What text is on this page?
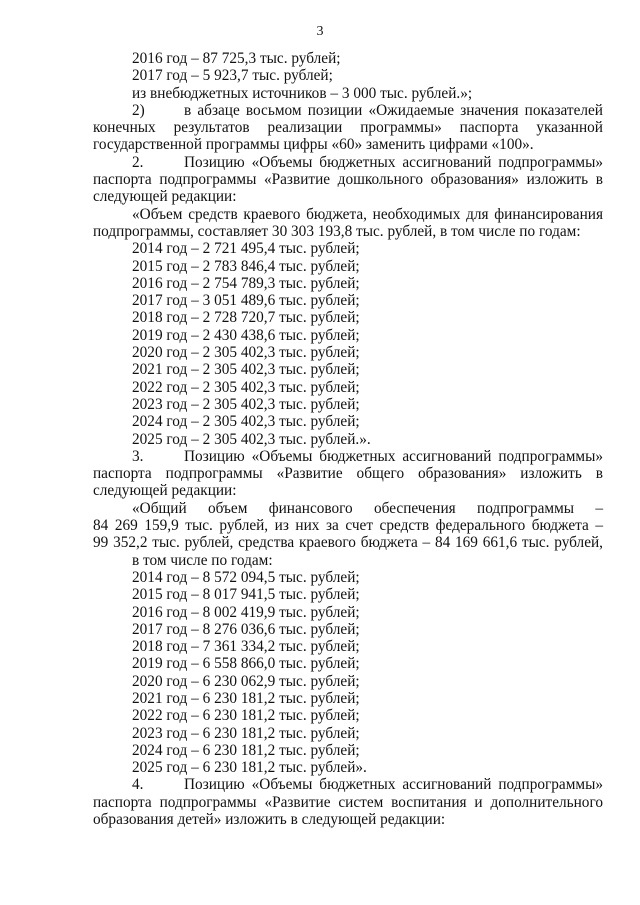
3
2016 год – 87 725,3 тыс. рублей;
2017 год – 5 923,7 тыс. рублей;
из внебюджетных источников – 3 000 тыс. рублей.»;
2)	в абзаце восьмом позиции «Ожидаемые значения показателей
конечных результатов реализации программы» паспорта указанной
государственной программы цифры «60» заменить цифрами «100».
2.	Позицию «Объемы бюджетных ассигнований подпрограммы»
паспорта подпрограммы «Развитие дошкольного образования» изложить в
следующей редакции:
«Объем средств краевого бюджета, необходимых для финансирования
подпрограммы, составляет 30 303 193,8 тыс. рублей, в том числе по годам:
2014 год – 2 721 495,4 тыс. рублей;
2015 год – 2 783 846,4 тыс. рублей;
2016 год – 2 754 789,3 тыс. рублей;
2017 год – 3 051 489,6 тыс. рублей;
2018 год – 2 728 720,7 тыс. рублей;
2019 год – 2 430 438,6 тыс. рублей;
2020 год – 2 305 402,3 тыс. рублей;
2021 год – 2 305 402,3 тыс. рублей;
2022 год – 2 305 402,3 тыс. рублей;
2023 год – 2 305 402,3 тыс. рублей;
2024 год – 2 305 402,3 тыс. рублей;
2025 год – 2 305 402,3 тыс. рублей.».
3.	Позицию «Объемы бюджетных ассигнований подпрограммы»
паспорта подпрограммы «Развитие общего образования» изложить в
следующей редакции:
«Общий объем финансового обеспечения подпрограммы –
84 269 159,9 тыс. рублей, из них за счет средств федерального бюджета –
99 352,2 тыс. рублей, средства краевого бюджета – 84 169 661,6 тыс. рублей,
в том числе по годам:
2014 год – 8 572 094,5 тыс. рублей;
2015 год – 8 017 941,5 тыс. рублей;
2016 год – 8 002 419,9 тыс. рублей;
2017 год – 8 276 036,6 тыс. рублей;
2018 год – 7 361 334,2 тыс. рублей;
2019 год – 6 558 866,0 тыс. рублей;
2020 год – 6 230 062,9 тыс. рублей;
2021 год – 6 230 181,2 тыс. рублей;
2022 год – 6 230 181,2 тыс. рублей;
2023 год – 6 230 181,2 тыс. рублей;
2024 год – 6 230 181,2 тыс. рублей;
2025 год – 6 230 181,2 тыс. рублей».
4.	Позицию «Объемы бюджетных ассигнований подпрограммы»
паспорта подпрограммы «Развитие систем воспитания и дополнительного
образования детей» изложить в следующей редакции:
